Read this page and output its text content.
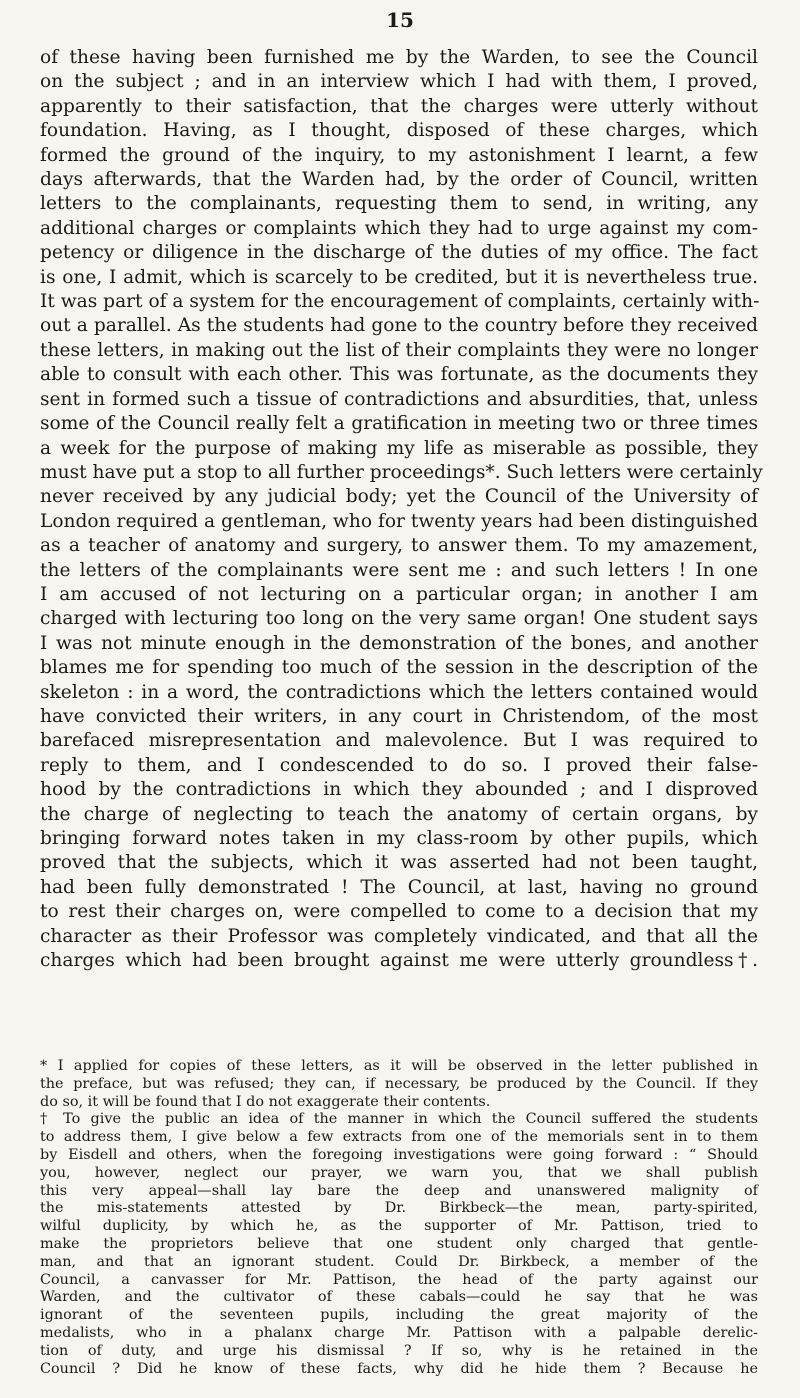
15
of these having been furnished me by the Warden, to see the Council
on the subject ; and in an interview which I had with them, I proved,
apparently to their satisfaction, that the charges were utterly without
foundation. Having, as I thought, disposed of these charges, which
formed the ground of the inquiry, to my astonishment I learnt, a few
days afterwards, that the Warden had, by the order of Council, written
letters to the complainants, requesting them to send, in writing, any
additional charges or complaints which they had to urge against my com-
petency or diligence in the discharge of the duties of my office. The fact
is one, I admit, which is scarcely to be credited, but it is nevertheless true.
It was part of a system for the encouragement of complaints, certainly with-
out a parallel. As the students had gone to the country before they received
these letters, in making out the list of their complaints they were no longer
able to consult with each other. This was fortunate, as the documents they
sent in formed such a tissue of contradictions and absurdities, that, unless
some of the Council really felt a gratification in meeting two or three times
a week for the purpose of making my life as miserable as possible, they
must have put a stop to all further proceedings*. Such letters were certainly
never received by any judicial body; yet the Council of the University of
London required a gentleman, who for twenty years had been distinguished
as a teacher of anatomy and surgery, to answer them. To my amazement,
the letters of the complainants were sent me : and such letters ! In one
I am accused of not lecturing on a particular organ; in another I am
charged with lecturing too long on the very same organ! One student says
I was not minute enough in the demonstration of the bones, and another
blames me for spending too much of the session in the description of the
skeleton : in a word, the contradictions which the letters contained would
have convicted their writers, in any court in Christendom, of the most
barefaced misrepresentation and malevolence. But I was required to
reply to them, and I condescended to do so. I proved their false-
hood by the contradictions in which they abounded ; and I disproved
the charge of neglecting to teach the anatomy of certain organs, by
bringing forward notes taken in my class-room by other pupils, which
proved that the subjects, which it was asserted had not been taught,
had been fully demonstrated ! The Council, at last, having no ground
to rest their charges on, were compelled to come to a decision that my
character as their Professor was completely vindicated, and that all the
charges which had been brought against me were utterly groundless†.
* I applied for copies of these letters, as it will be observed in the letter published in
the preface, but was refused; they can, if necessary, be produced by the Council. If they
do so, it will be found that I do not exaggerate their contents.
† To give the public an idea of the manner in which the Council suffered the students
to address them, I give below a few extracts from one of the memorials sent in to them
by Eisdell and others, when the foregoing investigations were going forward : “ Should
you, however, neglect our prayer, we warn you, that we shall publish
this very appeal—shall lay bare the deep and unanswered malignity of
the mis-statements attested by Dr. Birkbeck—the mean, party-spirited,
wilful duplicity, by which he, as the supporter of Mr. Pattison, tried to
make the proprietors believe that one student only charged that gentle-
man, and that an ignorant student. Could Dr. Birkbeck, a member of the
Council, a canvasser for Mr. Pattison, the head of the party against our
Warden, and the cultivator of these cabals—could he say that he was
ignorant of the seventeen pupils, including the great majority of the
medalists, who in a phalanx charge Mr. Pattison with a palpable derelic-
tion of duty, and urge his dismissal ? If so, why is he retained in the
Council ? Did he know of these facts, why did he hide them ? Because he
